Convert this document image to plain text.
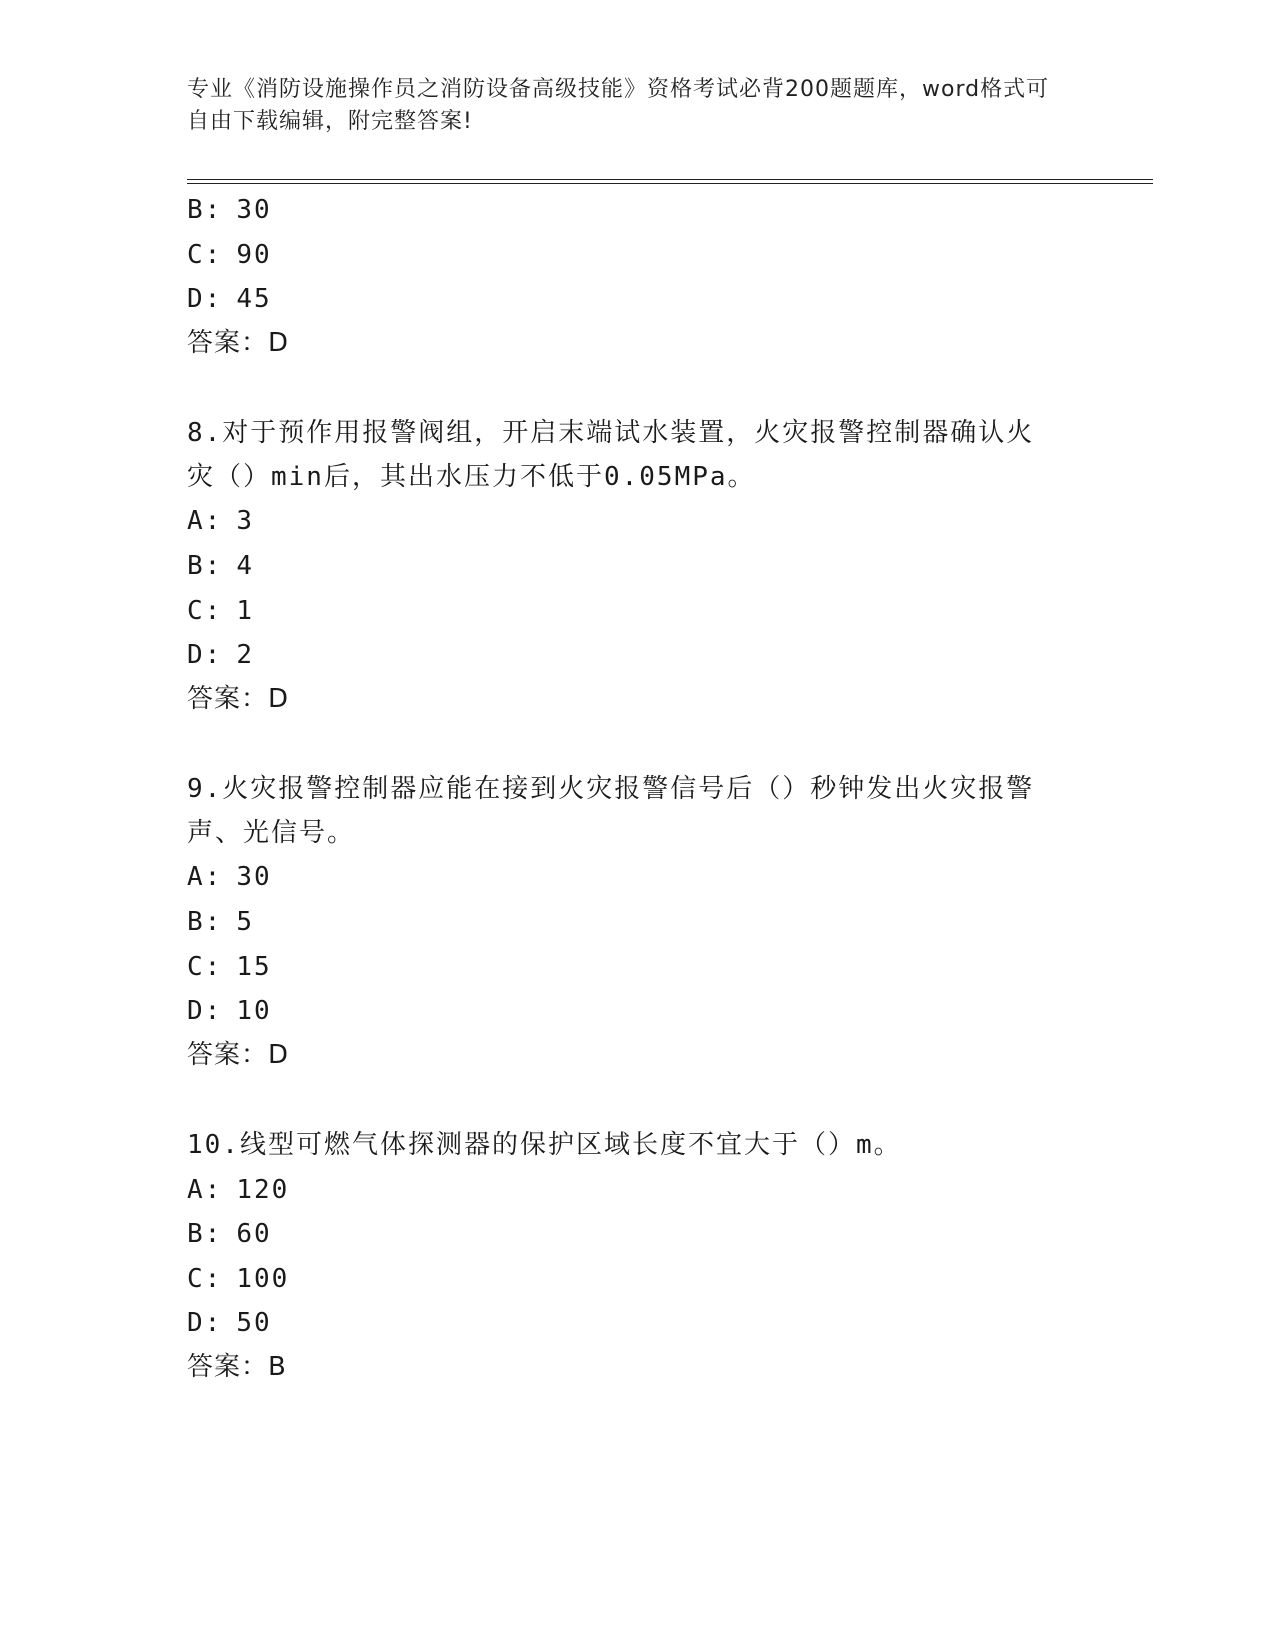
专业《消防设施操作员之消防设备高级技能》资格考试必背200题题库，word格式可自由下载编辑，附完整答案!
B: 30
C: 90
D: 45
答案：D
8.对于预作用报警阀组，开启末端试水装置，火灾报警控制器确认火
灾（）min后，其出水压力不低于0.05MPa。
A: 3
B: 4
C: 1
D: 2
答案：D
9.火灾报警控制器应能在接到火灾报警信号后（）秒钟发出火灾报警
声、光信号。
A: 30
B: 5
C: 15
D: 10
答案：D
10.线型可燃气体探测器的保护区域长度不宜大于（）m。
A: 120
B: 60
C: 100
D: 50
答案：B
